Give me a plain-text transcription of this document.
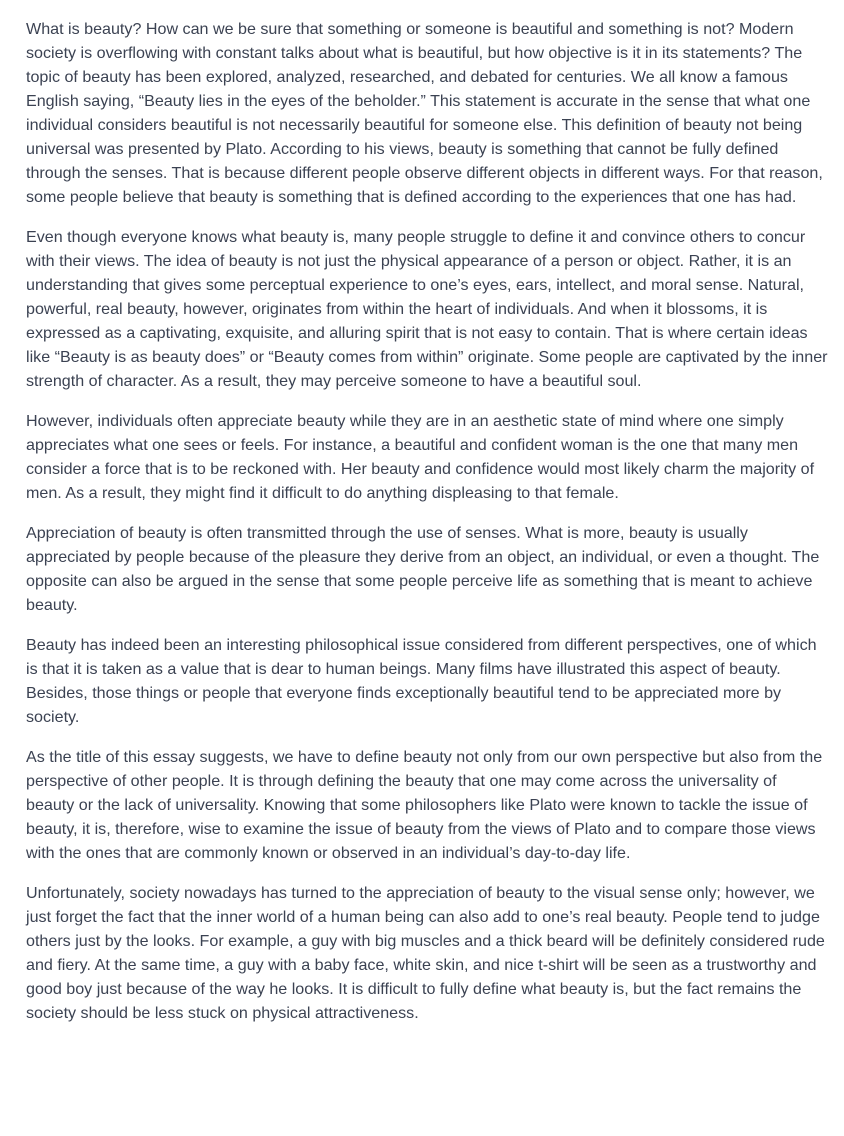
What is beauty? How can we be sure that something or someone is beautiful and something is not? Modern society is overflowing with constant talks about what is beautiful, but how objective is it in its statements? The topic of beauty has been explored, analyzed, researched, and debated for centuries. We all know a famous English saying, “Beauty lies in the eyes of the beholder.” This statement is accurate in the sense that what one individual considers beautiful is not necessarily beautiful for someone else. This definition of beauty not being universal was presented by Plato. According to his views, beauty is something that cannot be fully defined through the senses. That is because different people observe different objects in different ways. For that reason, some people believe that beauty is something that is defined according to the experiences that one has had.

Even though everyone knows what beauty is, many people struggle to define it and convince others to concur with their views. The idea of beauty is not just the physical appearance of a person or object. Rather, it is an understanding that gives some perceptual experience to one’s eyes, ears, intellect, and moral sense. Natural, powerful, real beauty, however, originates from within the heart of individuals. And when it blossoms, it is expressed as a captivating, exquisite, and alluring spirit that is not easy to contain. That is where certain ideas like “Beauty is as beauty does” or “Beauty comes from within” originate. Some people are captivated by the inner strength of character. As a result, they may perceive someone to have a beautiful soul.

However, individuals often appreciate beauty while they are in an aesthetic state of mind where one simply appreciates what one sees or feels. For instance, a beautiful and confident woman is the one that many men consider a force that is to be reckoned with. Her beauty and confidence would most likely charm the majority of men. As a result, they might find it difficult to do anything displeasing to that female.

Appreciation of beauty is often transmitted through the use of senses. What is more, beauty is usually appreciated by people because of the pleasure they derive from an object, an individual, or even a thought. The opposite can also be argued in the sense that some people perceive life as something that is meant to achieve beauty.

Beauty has indeed been an interesting philosophical issue considered from different perspectives, one of which is that it is taken as a value that is dear to human beings. Many films have illustrated this aspect of beauty. Besides, those things or people that everyone finds exceptionally beautiful tend to be appreciated more by society.

As the title of this essay suggests, we have to define beauty not only from our own perspective but also from the perspective of other people. It is through defining the beauty that one may come across the universality of beauty or the lack of universality. Knowing that some philosophers like Plato were known to tackle the issue of beauty, it is, therefore, wise to examine the issue of beauty from the views of Plato and to compare those views with the ones that are commonly known or observed in an individual’s day-to-day life.

Unfortunately, society nowadays has turned to the appreciation of beauty to the visual sense only; however, we just forget the fact that the inner world of a human being can also add to one’s real beauty. People tend to judge others just by the looks. For example, a guy with big muscles and a thick beard will be definitely considered rude and fiery. At the same time, a guy with a baby face, white skin, and nice t-shirt will be seen as a trustworthy and good boy just because of the way he looks. It is difficult to fully define what beauty is, but the fact remains the society should be less stuck on physical attractiveness.
